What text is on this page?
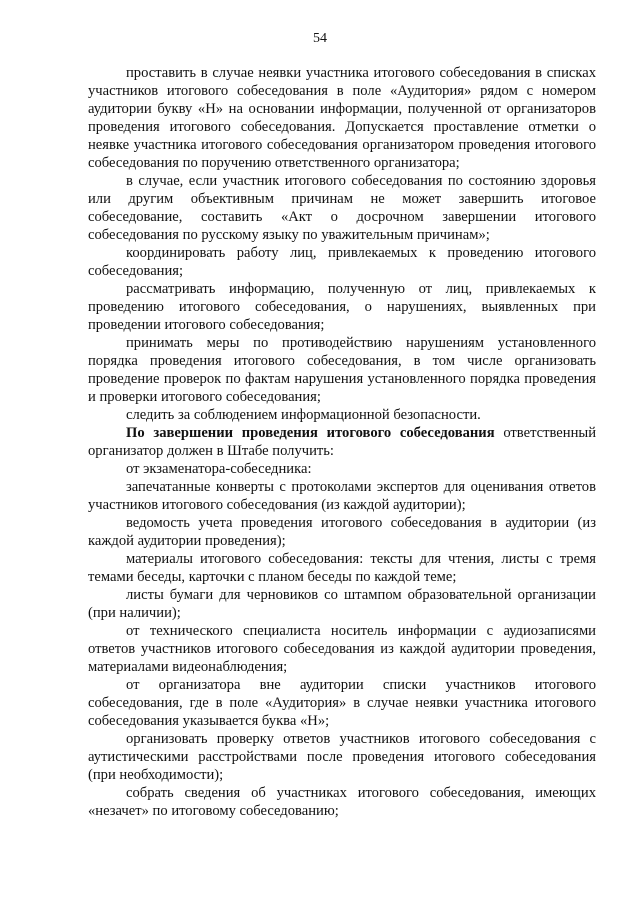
54

проставить в случае неявки участника итогового собеседования в списках участников итогового собеседования в поле «Аудитория» рядом с номером аудитории букву «Н» на основании информации, полученной от организаторов проведения итогового собеседования. Допускается проставление отметки о неявке участника итогового собеседования организатором проведения итогового собеседования по поручению ответственного организатора;

в случае, если участник итогового собеседования по состоянию здоровья или другим объективным причинам не может завершить итоговое собеседование, составить «Акт о досрочном завершении итогового собеседования по русскому языку по уважительным причинам»;

координировать работу лиц, привлекаемых к проведению итогового собеседования;

рассматривать информацию, полученную от лиц, привлекаемых к проведению итогового собеседования, о нарушениях, выявленных при проведении итогового собеседования;

принимать меры по противодействию нарушениям установленного порядка проведения итогового собеседования, в том числе организовать проведение проверок по фактам нарушения установленного порядка проведения и проверки итогового собеседования;

следить за соблюдением информационной безопасности.

По завершении проведения итогового собеседования ответственный организатор должен в Штабе получить:

от экзаменатора-собеседника:

запечатанные конверты с протоколами экспертов для оценивания ответов участников итогового собеседования (из каждой аудитории);

ведомость учета проведения итогового собеседования в аудитории (из каждой аудитории проведения);

материалы итогового собеседования: тексты для чтения, листы с тремя темами беседы, карточки с планом беседы по каждой теме;

листы бумаги для черновиков со штампом образовательной организации (при наличии);

от технического специалиста носитель информации с аудиозаписями ответов участников итогового собеседования из каждой аудитории проведения, материалами видеонаблюдения;

от организатора вне аудитории списки участников итогового собеседования, где в поле «Аудитория» в случае неявки участника итогового собеседования указывается буква «Н»;

организовать проверку ответов участников итогового собеседования с аутистическими расстройствами после проведения итогового собеседования (при необходимости);

собрать сведения об участниках итогового собеседования, имеющих «незачет» по итоговому собеседованию;
